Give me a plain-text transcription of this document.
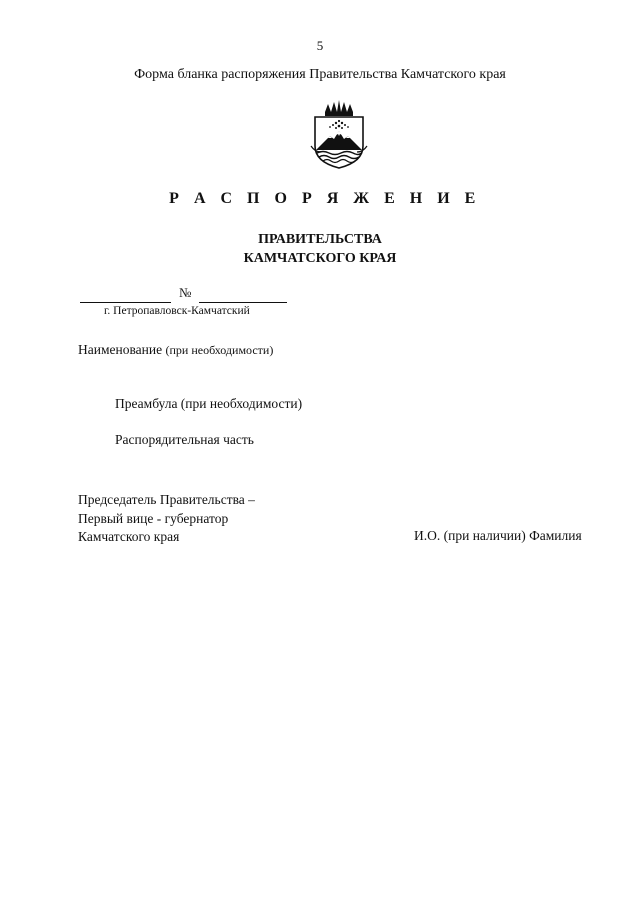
5
Форма бланка распоряжения Правительства Камчатского края
Р А С П О Р Я Ж Е Н И Е
ПРАВИТЕЛЬСТВА
КАМЧАТСКОГО КРАЯ
№
г. Петропавловск-Камчатский
Наименование (при необходимости)
Преамбула (при необходимости)
Распорядительная часть
Председатель Правительства –
Первый вице - губернатор
Камчатского края	И.О. (при наличии) Фамилия
